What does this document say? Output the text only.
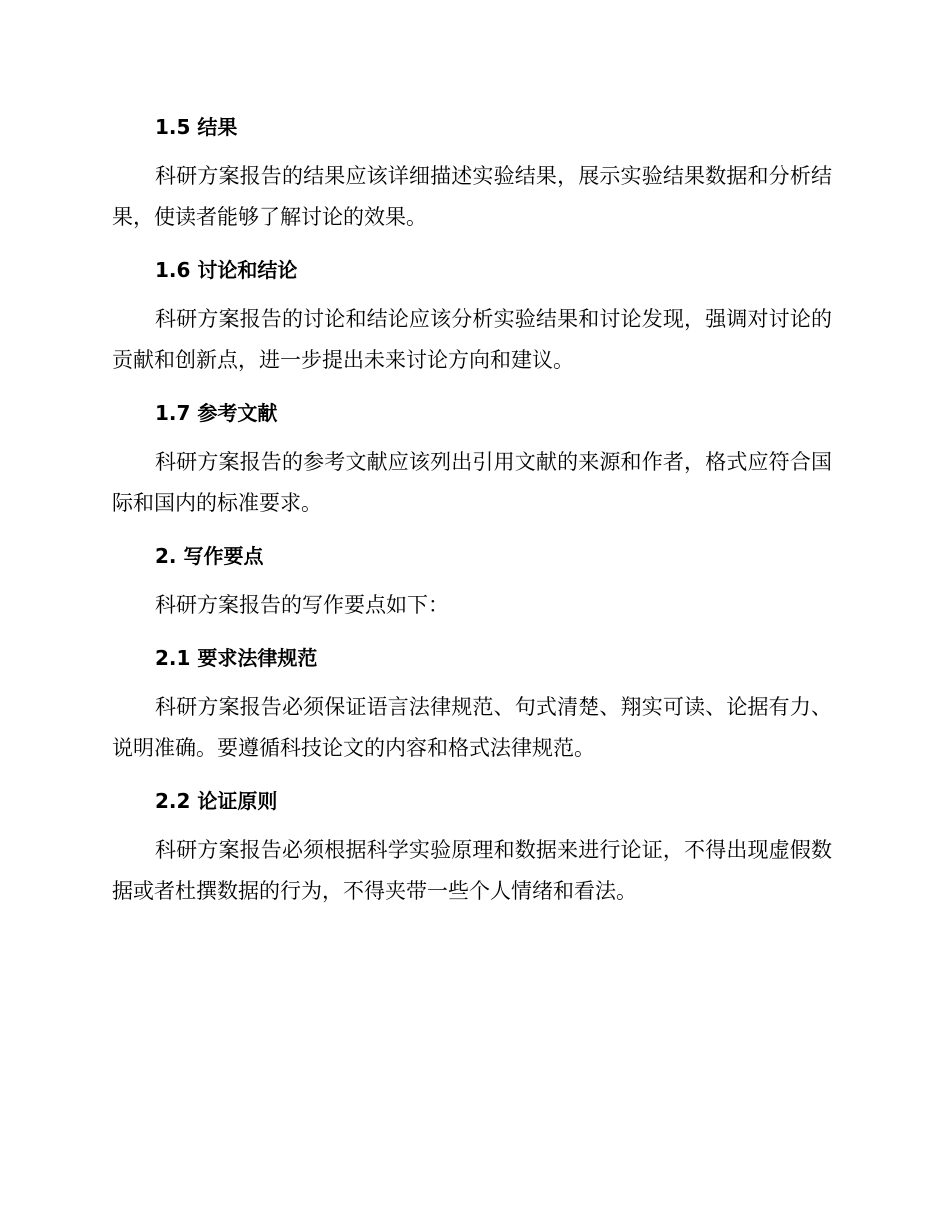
1.5 结果

科研方案报告的结果应该详细描述实验结果，展示实验结果数据和分析结果，使读者能够了解讨论的效果。

1.6 讨论和结论

科研方案报告的讨论和结论应该分析实验结果和讨论发现，强调对讨论的贡献和创新点，进一步提出未来讨论方向和建议。

1.7 参考文献

科研方案报告的参考文献应该列出引用文献的来源和作者，格式应符合国际和国内的标准要求。

2. 写作要点

科研方案报告的写作要点如下：

2.1 要求法律规范

科研方案报告必须保证语言法律规范、句式清楚、翔实可读、论据有力、说明准确。要遵循科技论文的内容和格式法律规范。

2.2 论证原则

科研方案报告必须根据科学实验原理和数据来进行论证，不得出现虚假数据或者杜撰数据的行为，不得夹带一些个人情绪和看法。
